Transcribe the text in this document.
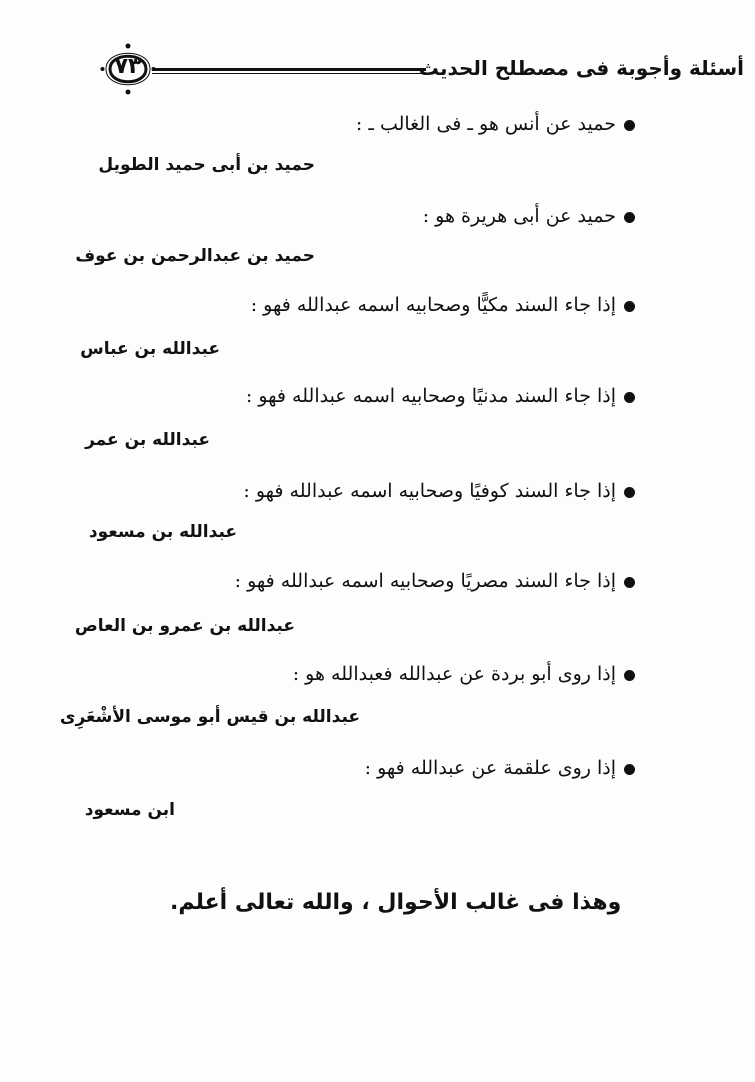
٧٣	أسئلة وأجوبة فى مصطلح الحديث
حميد عن أنس هو ـ فى الغالب ـ :
حميد بن أبى حميد الطويل
حميد عن أبى هريرة هو :
حميد بن عبدالرحمن بن عوف
إذا جاء السند مكيًّا وصحابيه اسمه عبدالله فهو :
عبدالله بن عباس
إذا جاء السند مدنيًا وصحابيه اسمه عبدالله فهو :
عبدالله بن عمر
إذا جاء السند كوفيًا وصحابيه اسمه عبدالله فهو :
عبدالله بن مسعود
إذا جاء السند مصريًا وصحابيه اسمه عبدالله فهو :
عبدالله بن عمرو بن العاص
إذا روى أبو بردة عن عبدالله فعبدالله هو :
عبدالله بن قيس أبو موسى الأشْعَرِى
إذا روى علقمة عن عبدالله فهو :
ابن مسعود
وهذا فى غالب الأحوال ، والله تعالى أعلم.
